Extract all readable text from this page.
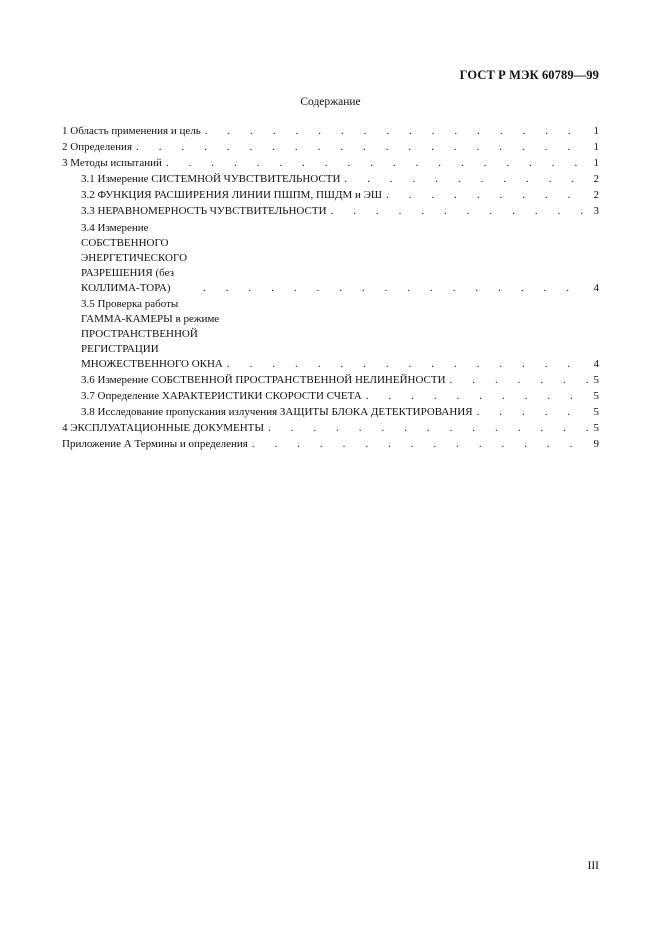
ГОСТ Р МЭК 60789—99
Содержание
1 Область применения и цель . . .	1
2 Определения . . .	1
3 Методы испытаний . . .	1
3.1 Измерение СИСТЕМНОЙ ЧУВСТВИТЕЛЬНОСТИ . . .	2
3.2 ФУНКЦИЯ РАСШИРЕНИЯ ЛИНИИ ПШПМ, ПШДМ и ЭШ . . .	2
3.3 НЕРАВНОМЕРНОСТЬ ЧУВСТВИТЕЛЬНОСТИ . . .	3
3.4 Измерение СОБСТВЕННОГО ЭНЕРГЕТИЧЕСКОГО РАЗРЕШЕНИЯ (без КОЛЛИМА-ТОРА) . . .	4
3.5 Проверка работы ГАММА-КАМЕРЫ в режиме ПРОСТРАНСТВЕННОЙ РЕГИСТРАЦИИ МНОЖЕСТВЕННОГО ОКНА . . .	4
3.6 Измерение СОБСТВЕННОЙ ПРОСТРАНСТВЕННОЙ НЕЛИНЕЙНОСТИ . . .	5
3.7 Определение ХАРАКТЕРИСТИКИ СКОРОСТИ СЧЕТА . . .	5
3.8 Исследование пропускания излучения ЗАЩИТЫ БЛОКА ДЕТЕКТИРОВАНИЯ . . .	5
4 ЭКСПЛУАТАЦИОННЫЕ ДОКУМЕНТЫ . . .	5
Приложение А Термины и определения . . .	9
III
